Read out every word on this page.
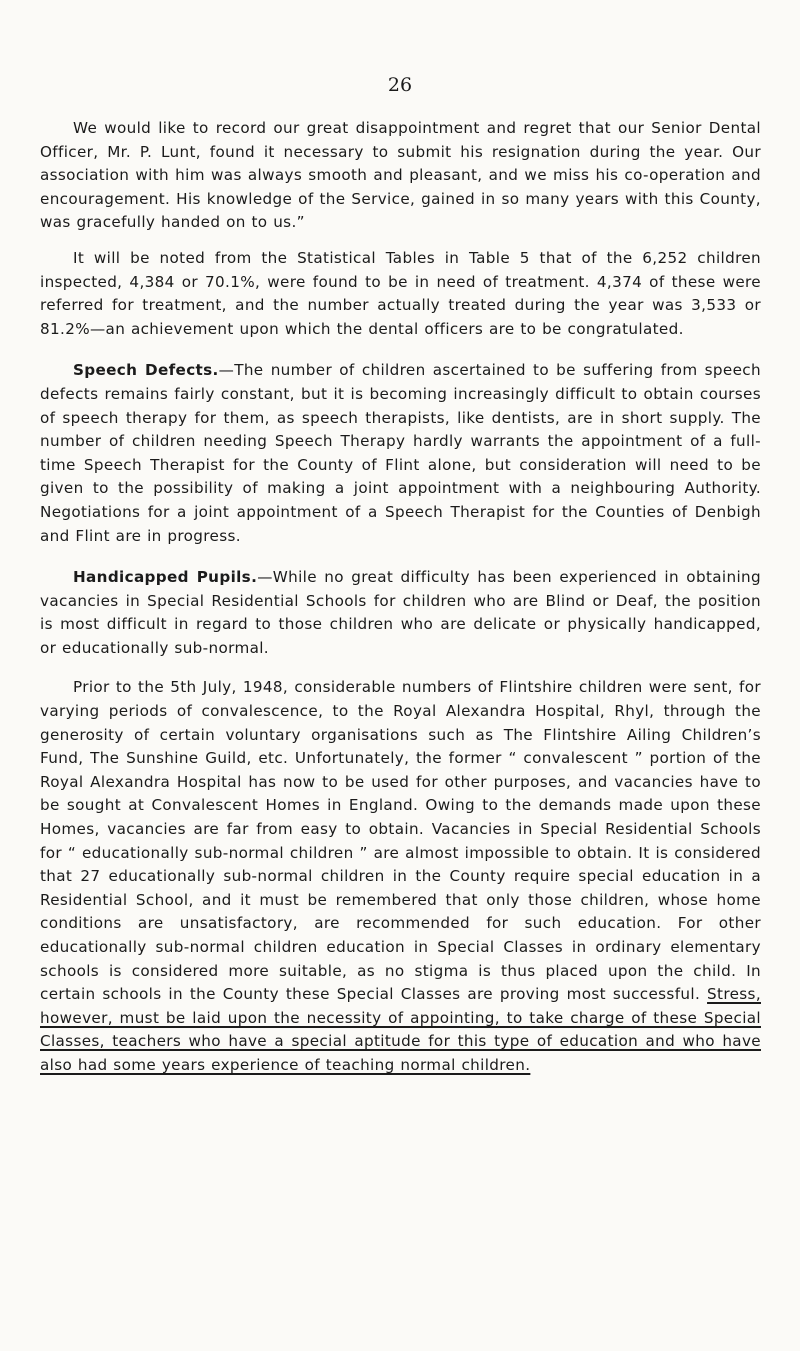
26

We would like to record our great disappointment and regret that our Senior Dental Officer, Mr. P. Lunt, found it necessary to submit his resignation during the year. Our association with him was always smooth and pleasant, and we miss his co-operation and encouragement. His knowledge of the Service, gained in so many years with this County, was gracefully handed on to us.”

It will be noted from the Statistical Tables in Table 5 that of the 6,252 children inspected, 4,384 or 70.1%, were found to be in need of treatment. 4,374 of these were referred for treatment, and the number actually treated during the year was 3,533 or 81.2%—an achievement upon which the dental officers are to be congratulated.

Speech Defects.—The number of children ascertained to be suffering from speech defects remains fairly constant, but it is becoming increasingly difficult to obtain courses of speech therapy for them, as speech therapists, like dentists, are in short supply. The number of children needing Speech Therapy hardly warrants the appointment of a full-time Speech Therapist for the County of Flint alone, but consideration will need to be given to the possibility of making a joint appointment with a neighbouring Authority. Negotiations for a joint appointment of a Speech Therapist for the Counties of Denbigh and Flint are in progress.

Handicapped Pupils.—While no great difficulty has been experienced in obtaining vacancies in Special Residential Schools for children who are Blind or Deaf, the position is most difficult in regard to those children who are delicate or physically handicapped, or educationally sub-normal.

Prior to the 5th July, 1948, considerable numbers of Flintshire children were sent, for varying periods of convalescence, to the Royal Alexandra Hospital, Rhyl, through the generosity of certain voluntary organisations such as The Flintshire Ailing Children’s Fund, The Sunshine Guild, etc. Unfortunately, the former “ convalescent ” portion of the Royal Alexandra Hospital has now to be used for other purposes, and vacancies have to be sought at Convalescent Homes in England. Owing to the demands made upon these Homes, vacancies are far from easy to obtain. Vacancies in Special Residential Schools for “ educationally sub-normal children ” are almost impossible to obtain. It is considered that 27 educationally sub-normal children in the County require special education in a Residential School, and it must be remembered that only those children, whose home conditions are unsatisfactory, are recommended for such education. For other educationally sub-normal children education in Special Classes in ordinary elementary schools is considered more suitable, as no stigma is thus placed upon the child. In certain schools in the County these Special Classes are proving most successful. Stress, however, must be laid upon the necessity of appointing, to take charge of these Special Classes, teachers who have a special aptitude for this type of education and who have also had some years experience of teaching normal children.
